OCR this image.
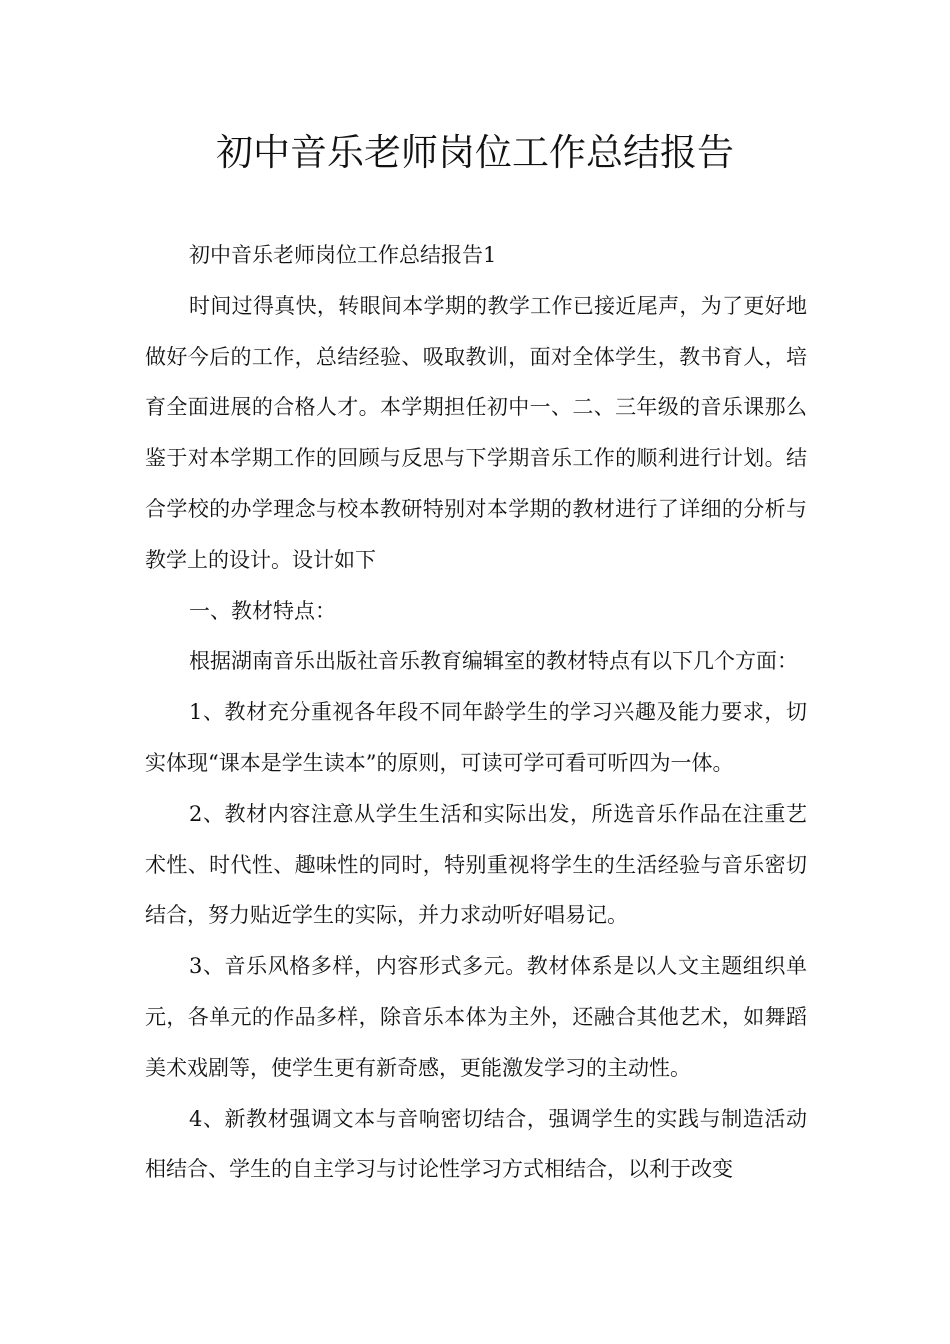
初中音乐老师岗位工作总结报告

初中音乐老师岗位工作总结报告1

时间过得真快，转眼间本学期的教学工作已接近尾声，为了更好地做好今后的工作，总结经验、吸取教训，面对全体学生，教书育人，培育全面进展的合格人才。本学期担任初中一、二、三年级的音乐课那么鉴于对本学期工作的回顾与反思与下学期音乐工作的顺利进行计划。结合学校的办学理念与校本教研特别对本学期的教材进行了详细的分析与教学上的设计。设计如下

一、教材特点：

根据湖南音乐出版社音乐教育编辑室的教材特点有以下几个方面：

1、教材充分重视各年段不同年龄学生的学习兴趣及能力要求，切实体现“课本是学生读本”的原则，可读可学可看可听四为一体。

2、教材内容注意从学生生活和实际出发，所选音乐作品在注重艺术性、时代性、趣味性的同时，特别重视将学生的生活经验与音乐密切结合，努力贴近学生的实际，并力求动听好唱易记。

3、音乐风格多样，内容形式多元。教材体系是以人文主题组织单元，各单元的作品多样，除音乐本体为主外，还融合其他艺术，如舞蹈美术戏剧等，使学生更有新奇感，更能激发学习的主动性。

4、新教材强调文本与音响密切结合，强调学生的实践与制造活动相结合、学生的自主学习与讨论性学习方式相结合，以利于改变
